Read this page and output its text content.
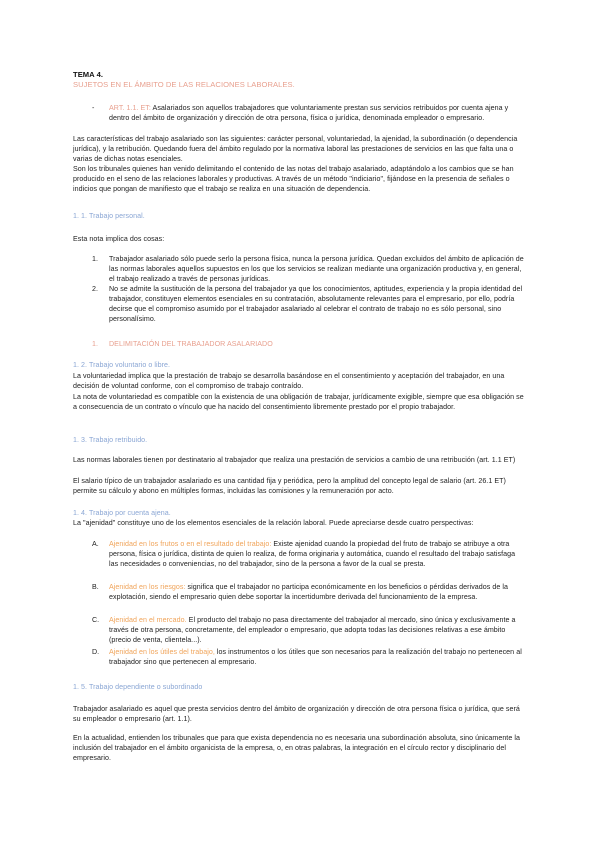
TEMA 4.
SUJETOS EN EL ÁMBITO DE LAS RELACIONES LABORALES.
- ART. 1.1. ET: Asalariados son aquellos trabajadores que voluntariamente prestan sus servicios retribuidos por cuenta ajena y dentro del ámbito de organización y dirección de otra persona, física o jurídica, denominada empleador o empresario.
Las características del trabajo asalariado son las siguientes: carácter personal, voluntariedad, la ajenidad, la subordinación (o dependencia jurídica), y la retribución. Quedando fuera del ámbito regulado por la normativa laboral las prestaciones de servicios en las que falta una o varias de dichas notas esenciales.
Son los tribunales quienes han venido delimitando el contenido de las notas del trabajo asalariado, adaptándolo a los cambios que se han producido en el seno de las relaciones laborales y productivas. A través de un método "indiciario", fijándose en la presencia de señales o indicios que pongan de manifiesto que el trabajo se realiza en una situación de dependencia.
1. 1. Trabajo personal.
Esta nota implica dos cosas:
1. Trabajador asalariado sólo puede serlo la persona física, nunca la persona jurídica. Quedan excluidos del ámbito de aplicación de las normas laborales aquellos supuestos en los que los servicios se realizan mediante una organización productiva y, en general, el trabajo realizado a través de personas jurídicas.
2. No se admite la sustitución de la persona del trabajador ya que los conocimientos, aptitudes, experiencia y la propia identidad del trabajador, constituyen elementos esenciales en su contratación, absolutamente relevantes para el empresario, por ello, podría decirse que el compromiso asumido por el trabajador asalariado al celebrar el contrato de trabajo no es sólo personal, sino personalísimo.
1. DELIMITACIÓN DEL TRABAJADOR ASALARIADO
1. 2. Trabajo voluntario o libre.
La voluntariedad implica que la prestación de trabajo se desarrolla basándose en el consentimiento y aceptación del trabajador, en una decisión de voluntad conforme, con el compromiso de trabajo contraído.
La nota de voluntariedad es compatible con la existencia de una obligación de trabajar, jurídicamente exigible, siempre que esa obligación se a consecuencia de un contrato o vínculo que ha nacido del consentimiento libremente prestado por el propio trabajador.
1. 3. Trabajo retribuido.
Las normas laborales tienen por destinatario al trabajador que realiza una prestación de servicios a cambio de una retribución (art. 1.1 ET)
El salario típico de un trabajador asalariado es una cantidad fija y periódica, pero la amplitud del concepto legal de salario (art. 26.1 ET) permite su cálculo y abono en múltiples formas, incluidas las comisiones y la remuneración por acto.
1. 4. Trabajo por cuenta ajena.
La "ajenidad" constituye uno de los elementos esenciales de la relación laboral. Puede apreciarse desde cuatro perspectivas:
A. Ajenidad en los frutos o en el resultado del trabajo: Existe ajenidad cuando la propiedad del fruto de trabajo se atribuye a otra persona, física o jurídica, distinta de quien lo realiza, de forma originaria y automática, cuando el resultado del trabajo satisfaga las necesidades o conveniencias, no del trabajador, sino de la persona a favor de la cual se presta.
B. Ajenidad en los riesgos: significa que el trabajador no participa económicamente en los beneficios o pérdidas derivados de la explotación, siendo el empresario quien debe soportar la incertidumbre derivada del funcionamiento de la empresa.
C. Ajenidad en el mercado. El producto del trabajo no pasa directamente del trabajador al mercado, sino única y exclusivamente a través de otra persona, concretamente, del empleador o empresario, que adopta todas las decisiones relativas a ese ámbito (precio de venta, clientela...).
D. Ajenidad en los útiles del trabajo, los instrumentos o los útiles que son necesarios para la realización del trabajo no pertenecen al trabajador sino que pertenecen al empresario.
1. 5. Trabajo dependiente o subordinado
Trabajador asalariado es aquel que presta servicios dentro del ámbito de organización y dirección de otra persona física o jurídica, que será su empleador o empresario (art. 1.1).
En la actualidad, entienden los tribunales que para que exista dependencia no es necesaria una subordinación absoluta, sino únicamente la inclusión del trabajador en el ámbito organicista de la empresa, o, en otras palabras, la integración en el círculo rector y disciplinario del empresario.
